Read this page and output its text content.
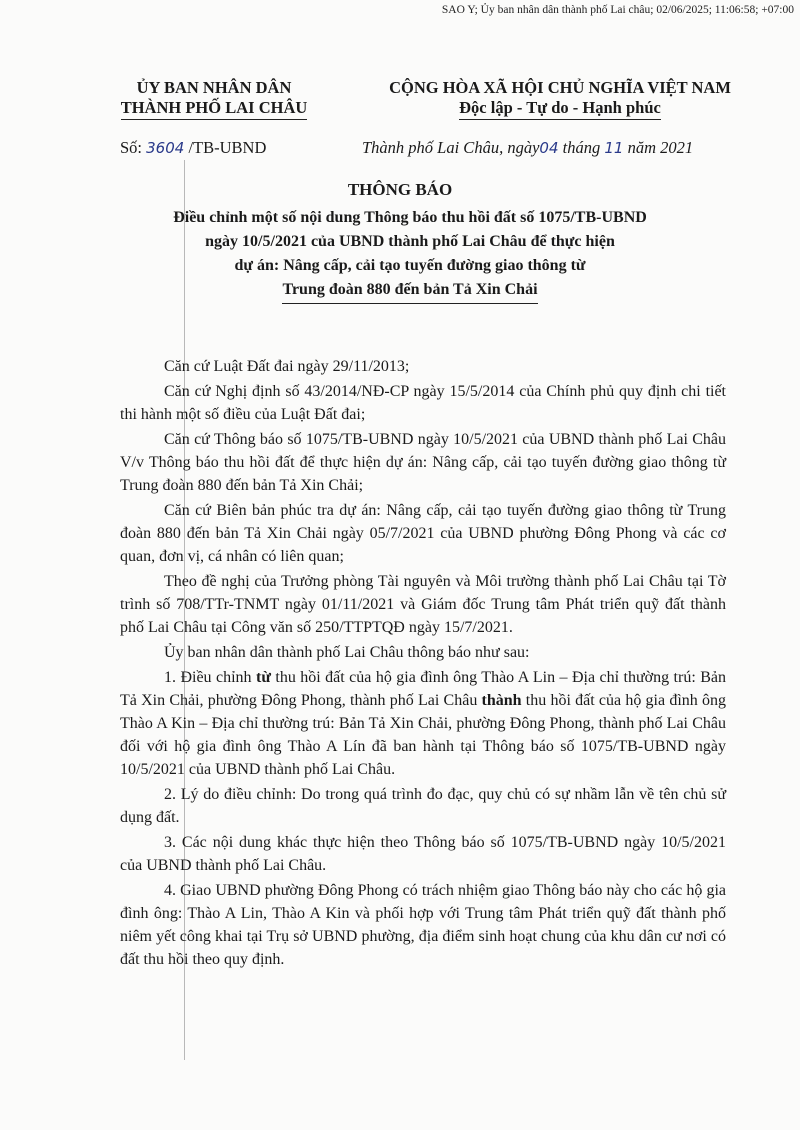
SAO Y; Ủy ban nhân dân thành phố Lai châu; 02/06/2025; 11:06:58; +07:00
ỦY BAN NHÂN DÂN
THÀNH PHỐ LAI CHÂU
CỘNG HÒA XÃ HỘI CHỦ NGHĨA VIỆT NAM
Độc lập - Tự do - Hạnh phúc
Số: 3604 /TB-UBND	Thành phố Lai Châu, ngày04 tháng 11 năm 2021
THÔNG BÁO
Điều chỉnh một số nội dung Thông báo thu hồi đất số 1075/TB-UBND
ngày 10/5/2021 của UBND thành phố Lai Châu để thực hiện
dự án: Nâng cấp, cải tạo tuyến đường giao thông từ
Trung đoàn 880 đến bản Tả Xin Chải

Căn cứ Luật Đất đai ngày 29/11/2013;

Căn cứ Nghị định số 43/2014/NĐ-CP ngày 15/5/2014 của Chính phủ quy định chi tiết thi hành một số điều của Luật Đất đai;

Căn cứ Thông báo số 1075/TB-UBND ngày 10/5/2021 của UBND thành phố Lai Châu V/v Thông báo thu hồi đất để thực hiện dự án: Nâng cấp, cải tạo tuyến đường giao thông từ Trung đoàn 880 đến bản Tả Xin Chải;

Căn cứ Biên bản phúc tra dự án: Nâng cấp, cải tạo tuyến đường giao thông từ Trung đoàn 880 đến bản Tả Xin Chải ngày 05/7/2021 của UBND phường Đông Phong và các cơ quan, đơn vị, cá nhân có liên quan;

Theo đề nghị của Trưởng phòng Tài nguyên và Môi trường thành phố Lai Châu tại Tờ trình số 708/TTr-TNMT ngày 01/11/2021 và Giám đốc Trung tâm Phát triển quỹ đất thành phố Lai Châu tại Công văn số 250/TTPTQĐ ngày 15/7/2021.

Ủy ban nhân dân thành phố Lai Châu thông báo như sau:

1. Điều chỉnh từ thu hồi đất của hộ gia đình ông Thào A Lin – Địa chỉ thường trú: Bản Tả Xin Chải, phường Đông Phong, thành phố Lai Châu thành thu hồi đất của hộ gia đình ông Thào A Kin – Địa chỉ thường trú: Bản Tả Xin Chải, phường Đông Phong, thành phố Lai Châu đối với hộ gia đình ông Thào A Lín đã ban hành tại Thông báo số 1075/TB-UBND ngày 10/5/2021 của UBND thành phố Lai Châu.

2. Lý do điều chỉnh: Do trong quá trình đo đạc, quy chủ có sự nhầm lẫn về tên chủ sử dụng đất.

3. Các nội dung khác thực hiện theo Thông báo số 1075/TB-UBND ngày 10/5/2021 của UBND thành phố Lai Châu.

4. Giao UBND phường Đông Phong có trách nhiệm giao Thông báo này cho các hộ gia đình ông: Thào A Lin, Thào A Kin và phối hợp với Trung tâm Phát triển quỹ đất thành phố niêm yết công khai tại Trụ sở UBND phường, địa điểm sinh hoạt chung của khu dân cư nơi có đất thu hồi theo quy định.
